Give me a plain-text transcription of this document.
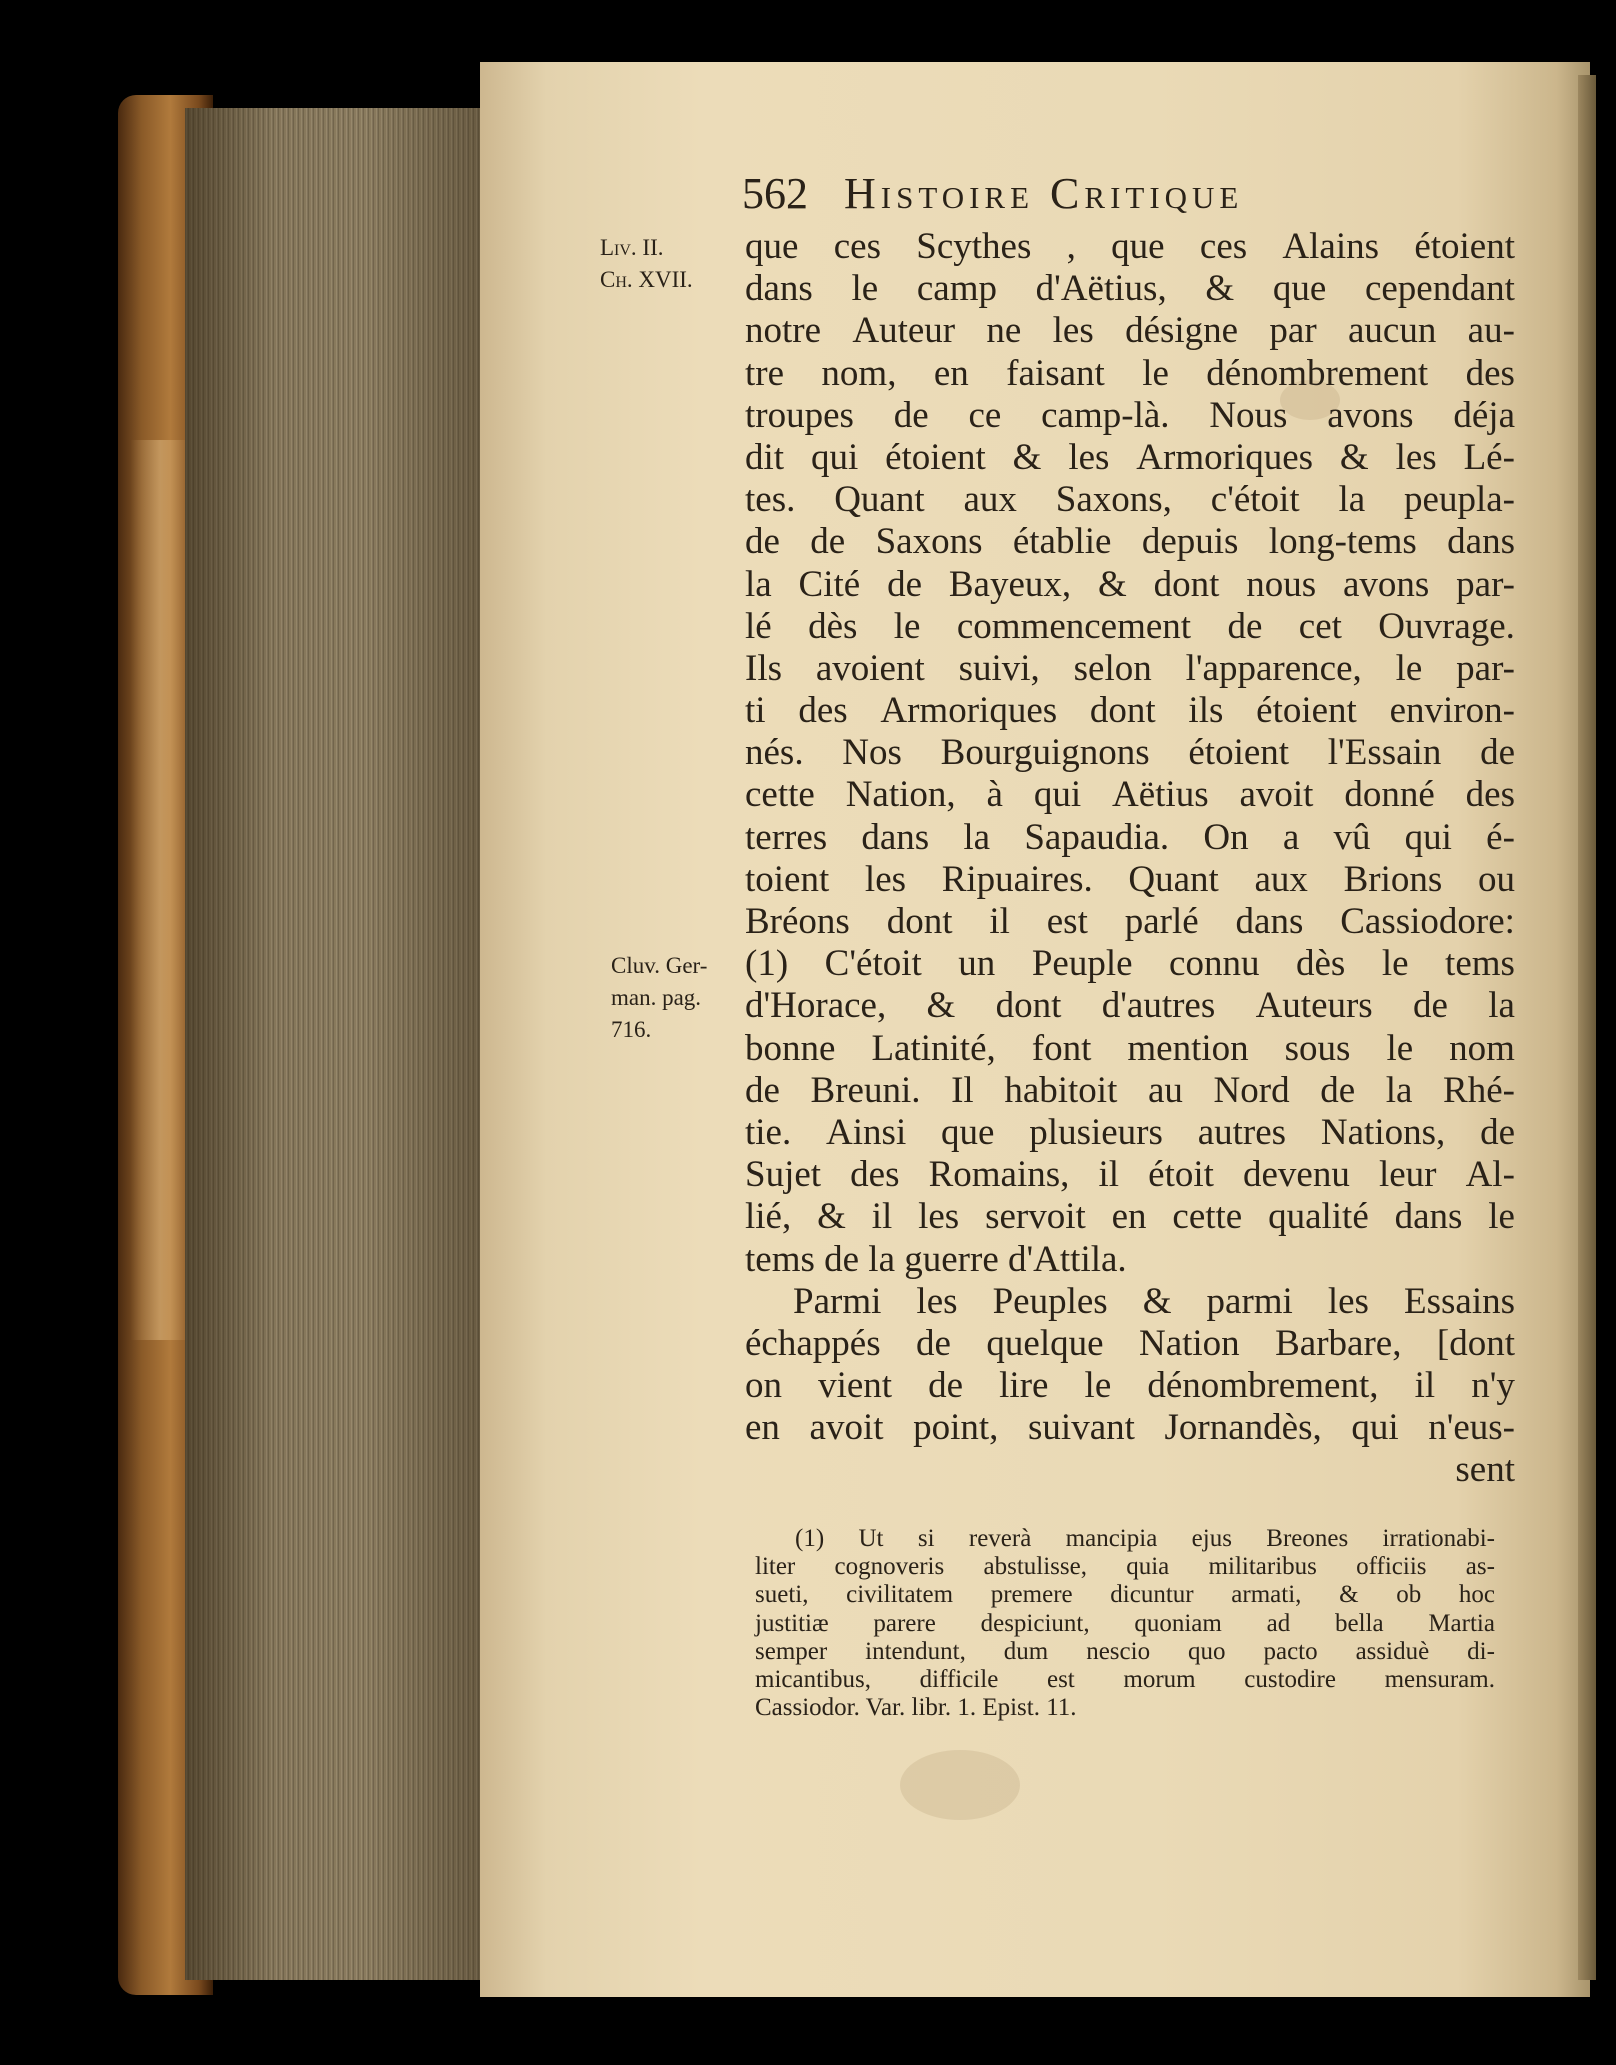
562 Histoire Critique
Liv. II.
Ch. XVII.
Cluv. Ger-
man. pag.
716.
que ces Scythes , que ces Alains étoient
dans le camp d'Aëtius, & que cependant
notre Auteur ne les désigne par aucun au-
tre nom, en faisant le dénombrement des
troupes de ce camp-là. Nous avons déja
dit qui étoient & les Armoriques & les Lé-
tes. Quant aux Saxons, c'étoit la peupla-
de de Saxons établie depuis long-tems dans
la Cité de Bayeux, & dont nous avons par-
lé dès le commencement de cet Ouvrage.
Ils avoient suivi, selon l'apparence, le par-
ti des Armoriques dont ils étoient environ-
nés. Nos Bourguignons étoient l'Essain de
cette Nation, à qui Aëtius avoit donné des
terres dans la Sapaudia. On a vû qui é-
toient les Ripuaires. Quant aux Brions ou
Bréons dont il est parlé dans Cassiodore:
(1) C'étoit un Peuple connu dès le tems
d'Horace, & dont d'autres Auteurs de la
bonne Latinité, font mention sous le nom
de Breuni. Il habitoit au Nord de la Rhé-
tie. Ainsi que plusieurs autres Nations, de
Sujet des Romains, il étoit devenu leur Al-
lié, & il les servoit en cette qualité dans le
tems de la guerre d'Attila.
Parmi les Peuples & parmi les Essains
échappés de quelque Nation Barbare, [dont
on vient de lire le dénombrement, il n'y
en avoit point, suivant Jornandès, qui n'eus-
sent
(1) Ut si reverà mancipia ejus Breones irrationabi-
liter cognoveris abstulisse, quia militaribus officiis as-
sueti, civilitatem premere dicuntur armati, & ob hoc
justitiæ parere despiciunt, quoniam ad bella Martia
semper intendunt, dum nescio quo pacto assiduè di-
micantibus, difficile est morum custodire mensuram.
Cassiodor. Var. libr. 1. Epist. 11.
